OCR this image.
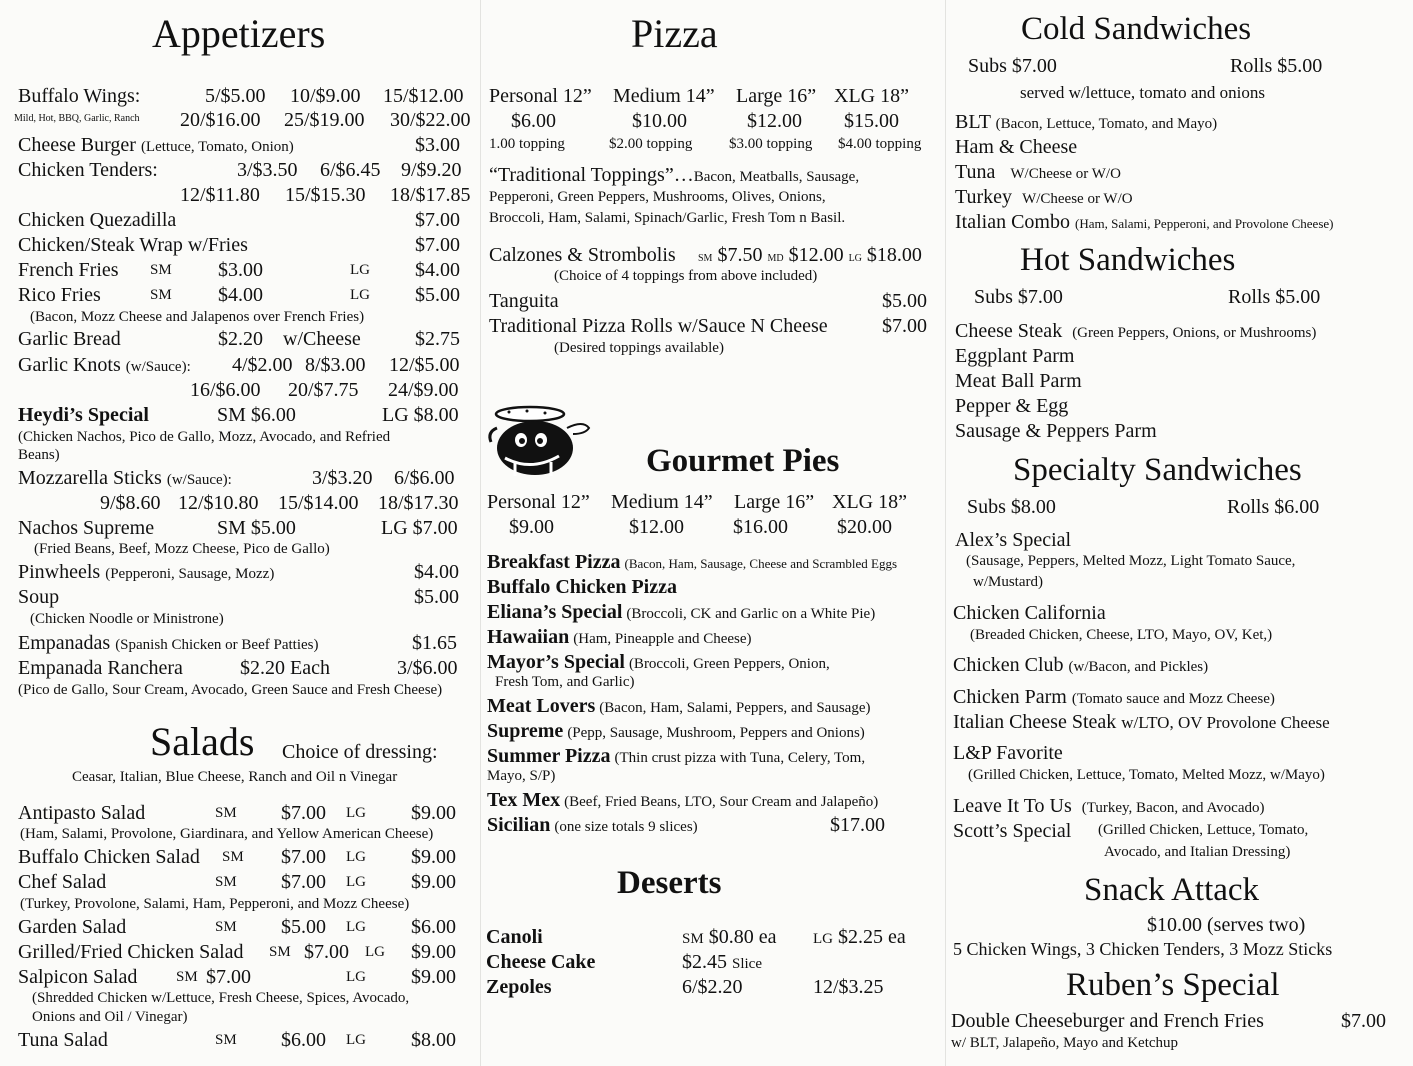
Appetizers
Buffalo Wings:	5/$5.00 10/$9.00 15/$12.00
Mild, Hot, BBQ, Garlic, Ranch 20/$16.00 25/$19.00 30/$22.00
Cheese Burger (Lettuce, Tomato, Onion)	$3.00
Chicken Tenders:	3/$3.50 6/$6.45 9/$9.20
12/$11.80 15/$15.30 18/$17.85
Chicken Quezadilla	$7.00
Chicken/Steak Wrap w/Fries	$7.00
French Fries SM $3.00	LG $4.00
Rico Fries	SM $4.00	LG $5.00
(Bacon, Mozz Cheese and Jalapenos over French Fries)
Garlic Bread	$2.20 w/Cheese	$2.75
Garlic Knots (w/Sauce): 4/$2.00 8/$3.00 12/$5.00
16/$6.00 20/$7.75 24/$9.00
Heydi’s Special	SM $6.00	LG $8.00
(Chicken Nachos, Pico de Gallo, Mozz, Avocado, and Refried
Beans)
Mozzarella Sticks (w/Sauce):	3/$3.20 6/$6.00
9/$8.60 12/$10.80 15/$14.00 18/$17.30
Nachos Supreme	SM $5.00	LG $7.00
(Fried Beans, Beef, Mozz Cheese, Pico de Gallo)
Pinwheels (Pepperoni, Sausage, Mozz)	$4.00
Soup	$5.00
(Chicken Noodle or Ministrone)
Empanadas (Spanish Chicken or Beef Patties)	$1.65
Empanada Ranchera	$2.20 Each	3/$6.00
(Pico de Gallo, Sour Cream, Avocado, Green Sauce and Fresh Cheese)
Salads Choice of dressing:
Ceasar, Italian, Blue Cheese, Ranch and Oil n Vinegar
Antipasto Salad	SM $7.00 LG $9.00
(Ham, Salami, Provolone, Giardinara, and Yellow American Cheese)
Buffalo Chicken Salad SM $7.00 LG $9.00
Chef Salad	SM $7.00 LG $9.00
(Turkey, Provolone, Salami, Ham, Pepperoni, and Mozz Cheese)
Garden Salad	SM $5.00 LG $6.00
Grilled/Fried Chicken Salad SM $7.00 LG $9.00
Salpicon Salad	SM $7.00	LG $9.00
(Shredded Chicken w/Lettuce, Fresh Cheese, Spices, Avocado,
Onions and Oil / Vinegar)
Tuna Salad	SM $6.00 LG $8.00
Pizza
Personal 12” Medium 14” Large 16” XLG 18”
$6.00	$10.00	$12.00 $15.00
1.00 topping	$2.00 topping $3.00 topping $4.00 topping
“Traditional Toppings”…Bacon, Meatballs, Sausage,
Pepperoni, Green Peppers, Mushrooms, Olives, Onions,
Broccoli, Ham, Salami, Spinach/Garlic, Fresh Tom n Basil.
Calzones & Strombolis SM $7.50 MD $12.00 LG $18.00
(Choice of 4 toppings from above included)
Tanguita	$5.00
Traditional Pizza Rolls w/Sauce N Cheese	$7.00
(Desired toppings available)
Gourmet Pies
Personal 12” Medium 14” Large 16” XLG 18”
$9.00	$12.00 $16.00 $20.00
Breakfast Pizza (Bacon, Ham, Sausage, Cheese and Scrambled Eggs
Buffalo Chicken Pizza
Eliana’s Special (Broccoli, CK and Garlic on a White Pie)
Hawaiian (Ham, Pineapple and Cheese)
Mayor’s Special (Broccoli, Green Peppers, Onion,
Fresh Tom, and Garlic)
Meat Lovers (Bacon, Ham, Salami, Peppers, and Sausage)
Supreme (Pepp, Sausage, Mushroom, Peppers and Onions)
Summer Pizza (Thin crust pizza with Tuna, Celery, Tom,
Mayo, S/P)
Tex Mex (Beef, Fried Beans, LTO, Sour Cream and Jalapeño)
Sicilian (one size totals 9 slices)	$17.00
Deserts
Canoli	SM $0.80 ea LG $2.25 ea
Cheese Cake	$2.45 Slice
Zepoles	6/$2.20	12/$3.25
Cold Sandwiches
Subs $7.00	Rolls $5.00
served w/lettuce, tomato and onions
BLT (Bacon, Lettuce, Tomato, and Mayo)
Ham & Cheese
Tuna W/Cheese or W/O
Turkey W/Cheese or W/O
Italian Combo (Ham, Salami, Pepperoni, and Provolone Cheese)
Hot Sandwiches
Subs $7.00	Rolls $5.00
Cheese Steak (Green Peppers, Onions, or Mushrooms)
Eggplant Parm
Meat Ball Parm
Pepper & Egg
Sausage & Peppers Parm
Specialty Sandwiches
Subs $8.00	Rolls $6.00
Alex’s Special
(Sausage, Peppers, Melted Mozz, Light Tomato Sauce,
w/Mustard)
Chicken California
(Breaded Chicken, Cheese, LTO, Mayo, OV, Ket,)
Chicken Club (w/Bacon, and Pickles)
Chicken Parm (Tomato sauce and Mozz Cheese)
Italian Cheese Steak w/LTO, OV Provolone Cheese
L&P Favorite
(Grilled Chicken, Lettuce, Tomato, Melted Mozz, w/Mayo)
Leave It To Us (Turkey, Bacon, and Avocado)
Scott’s Special (Grilled Chicken, Lettuce, Tomato,
Avocado, and Italian Dressing)
Snack Attack
$10.00 (serves two)
5 Chicken Wings, 3 Chicken Tenders, 3 Mozz Sticks
Ruben’s Special
Double Cheeseburger and French Fries	$7.00
w/ BLT, Jalapeño, Mayo and Ketchup
